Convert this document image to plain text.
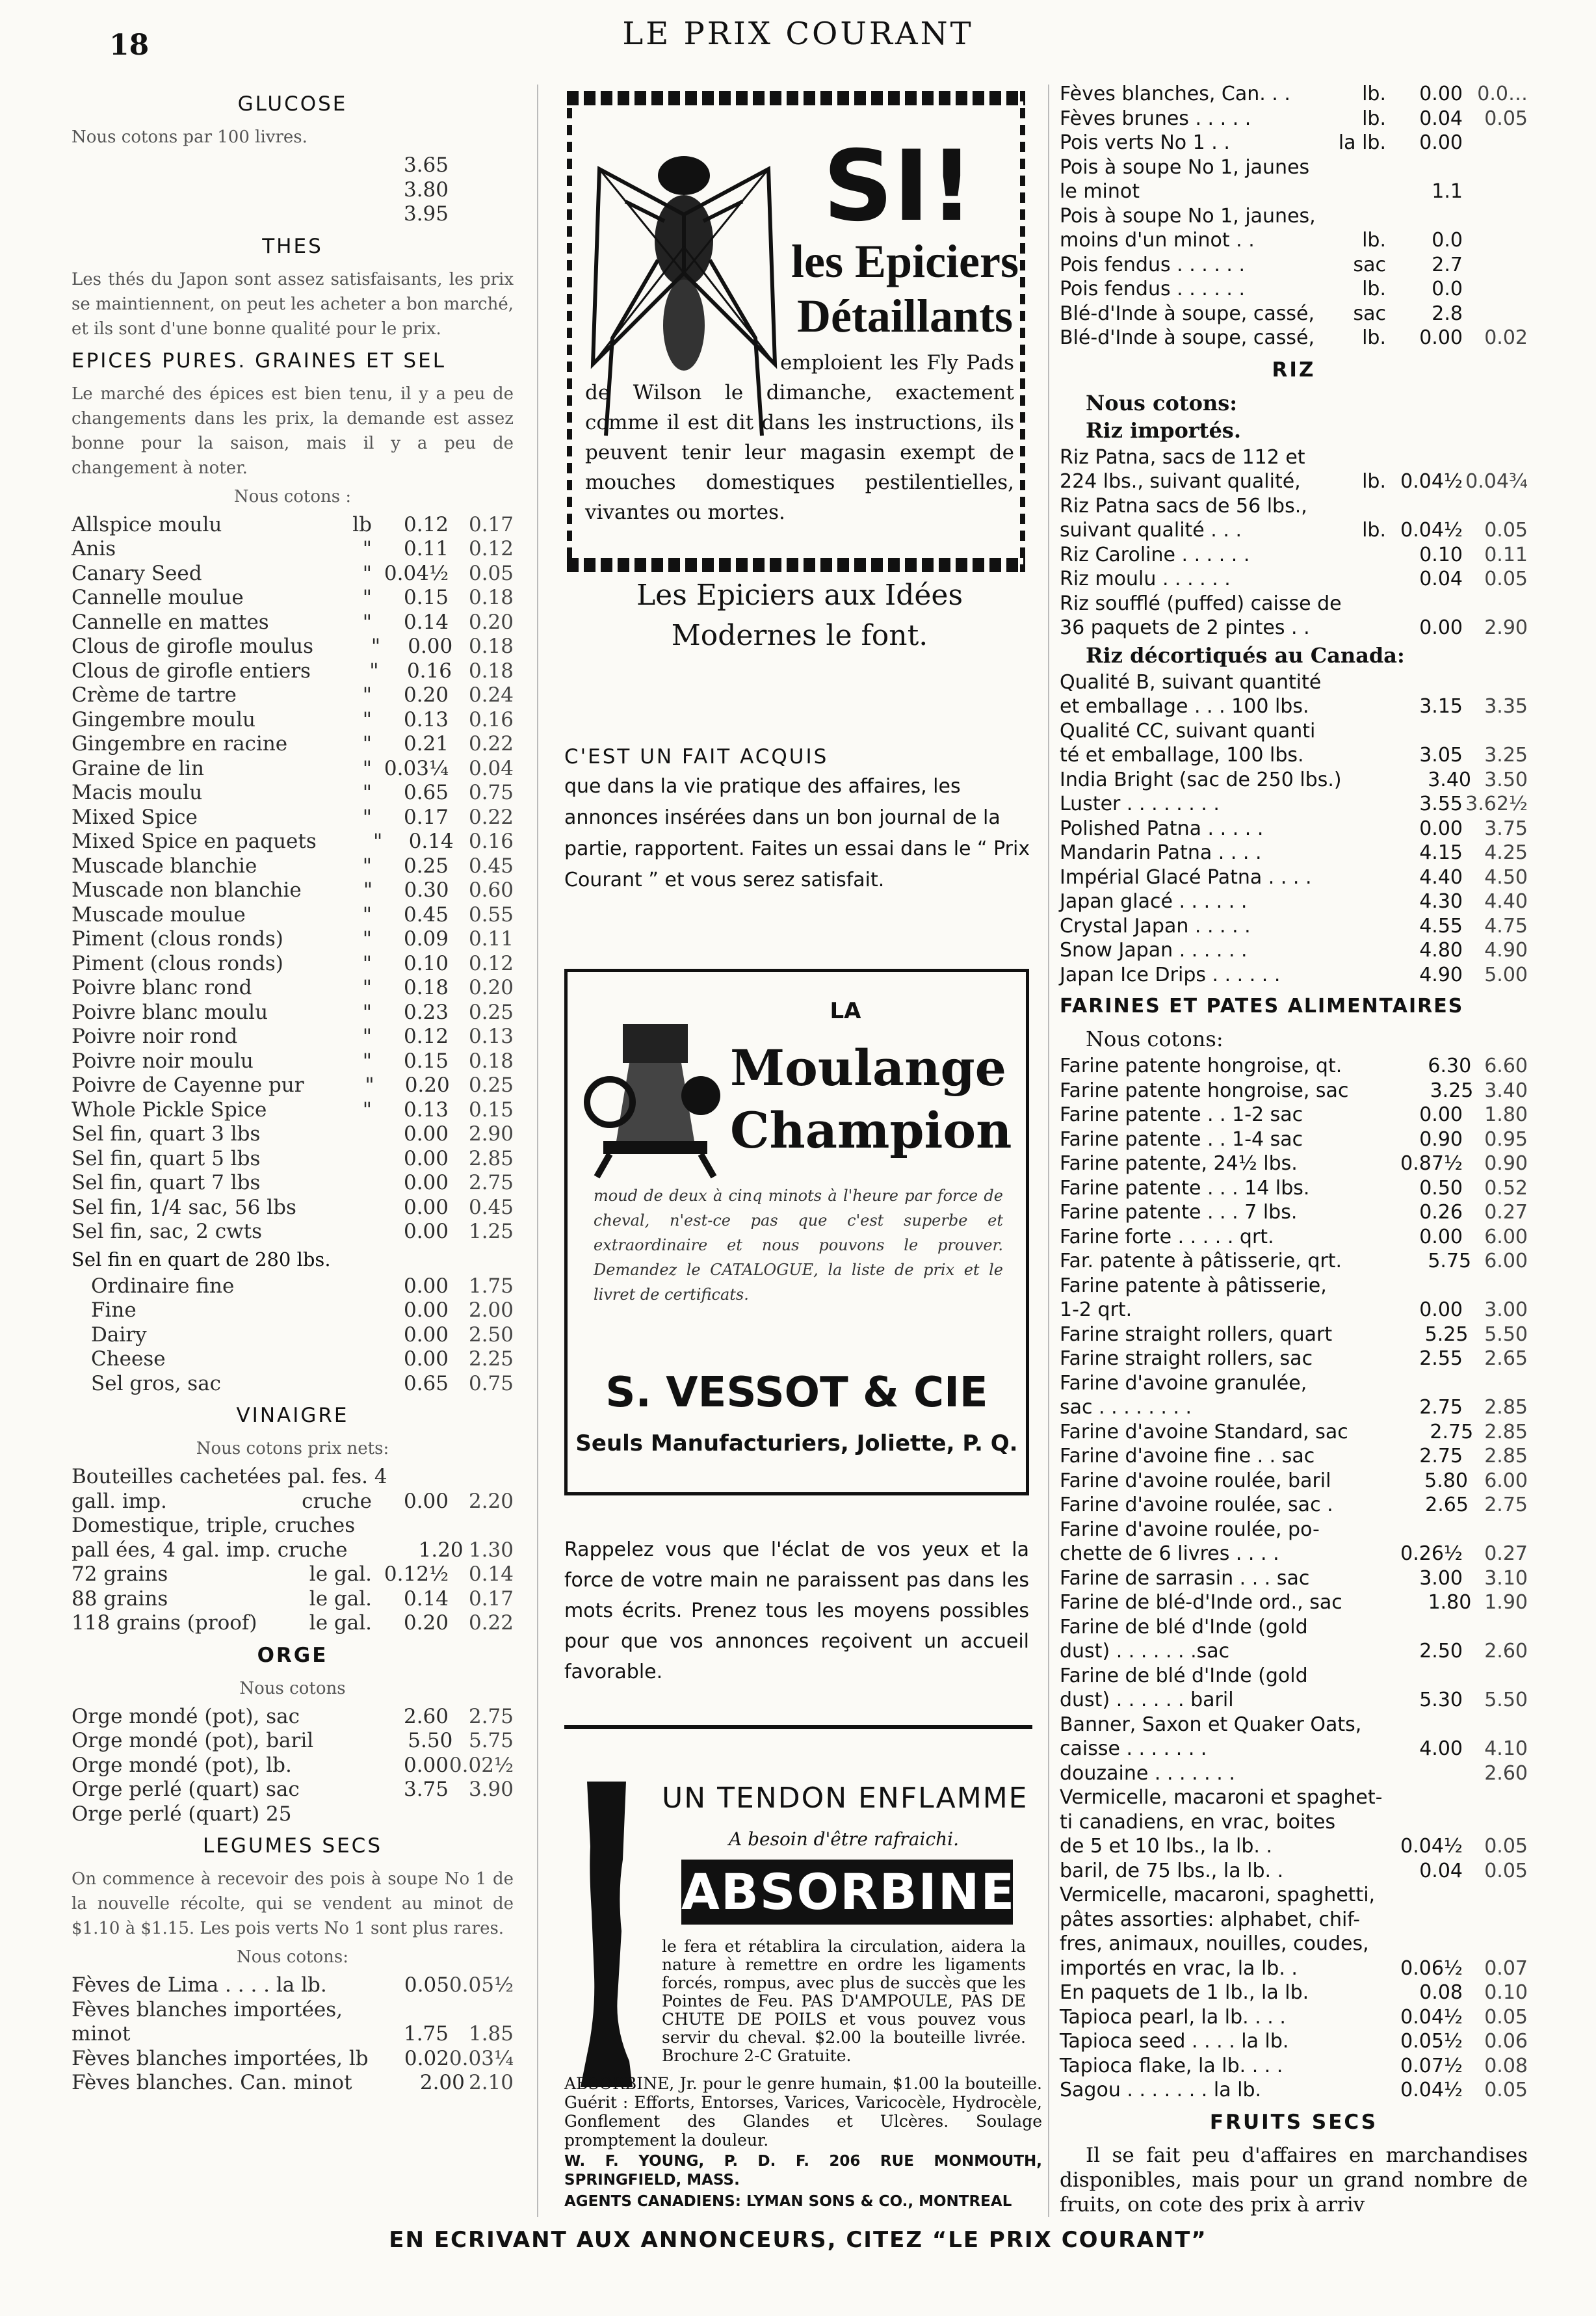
18	LE PRIX COURANT
GLUCOSE
Nous cotons par 100 livres.
3.65
3.80
3.95
THES
Les thés du Japon sont assez satisfaisants, les prix se maintiennent, on peut les acheter a bon marché, et ils sont d'une bonne qualité pour le prix.
EPICES PURES. GRAINES ET SEL
Le marché des épices est bien tenu, il y a peu de changements dans les prix, la demande est assez bonne pour la saison, mais il y a peu de changement à noter.
Nous cotons :
Allspice moulu	lb	0.12 0.17
Anis	"	0.11 0.12
Canary Seed	" 0.04½ 0.05
Cannelle moulue	"	0.15 0.18
Cannelle en mattes	"	0.14 0.20
Clous de girofle moulus	"	0.00 0.18
Clous de girofle entiers	"	0.16 0.18
Crème de tartre	"	0.20 0.24
Gingembre moulu	"	0.13 0.16
Gingembre en racine	"	0.21 0.22
Graine de lin	" 0.03¼ 0.04
Macis moulu	"	0.65 0.75
Mixed Spice	"	0.17 0.22
Mixed Spice en paquets	"	0.14 0.16
Muscade blanchie	"	0.25 0.45
Muscade non blanchie	"	0.30 0.60
Muscade moulue	"	0.45 0.55
Piment (clous ronds)	"	0.09 0.11
Piment (clous ronds)	"	0.10 0.12
Poivre blanc rond	"	0.18 0.20
Poivre blanc moulu	"	0.23 0.25
Poivre noir rond	"	0.12 0.13
Poivre noir moulu	"	0.15 0.18
Poivre de Cayenne pur	"	0.20 0.25
Whole Pickle Spice	"	0.13 0.15
Sel fin, quart 3 lbs	0.00 2.90
Sel fin, quart 5 lbs	0.00 2.85
Sel fin, quart 7 lbs	0.00 2.75
Sel fin, 1/4 sac, 56 lbs	0.00 0.45
Sel fin, sac, 2 cwts	0.00 1.25
Sel fin en quart de 280 lbs.
Ordinaire fine	0.00 1.75
Fine	0.00 2.00
Dairy	0.00 2.50
Cheese	0.00 2.25
Sel gros, sac	0.65 0.75
VINAIGRE
Nous cotons prix nets:
Bouteilles cachetées pal. fes. 4
gall. imp.	cruche	0.00 2.20
Domestique, triple, cruches
pall ées, 4 gal. imp. cruche	1.20 1.30
72 grains	le gal. 0.12½ 0.14
88 grains	le gal.	0.14 0.17
118 grains (proof)	le gal.	0.20 0.22
ORGE
Nous cotons
Orge mondé (pot), sac	2.60 2.75
Orge mondé (pot), baril	5.50 5.75
Orge mondé (pot), lb.	0.00 0.02½
Orge perlé (quart) sac	3.75 3.90
Orge perlé (quart) 25
LEGUMES SECS
On commence à recevoir des pois à soupe No 1 de la nouvelle récolte, qui se vendent au minot de $1.10 à $1.15. Les pois verts No 1 sont plus rares.
Nous cotons:
Fèves de Lima . . . . la lb.	0.05 0.05½
Fèves blanches importées,
minot	1.75 1.85
Fèves blanches importées, lb 0.02 0.03¼
Fèves blanches. Can. minot	2.00 2.10
SI!
les Epiciers
Détaillants
emploient les Fly Pads de Wilson le dimanche, exactement comme il est dit dans les instructions, ils peuvent tenir leur magasin exempt de mouches domestiques pestilentielles, vivantes ou mortes.
Les Epiciers aux Idées Modernes le font.
C'EST UN FAIT ACQUIS

que dans la vie pratique des affaires, les annonces insérées dans un bon journal de la partie, rapportent. Faites un essai dans le “ Prix Courant ” et vous serez satisfait.

LA
Moulange
Champion
moud de deux à cinq minots à l'heure par force de cheval, n'est-ce pas que c'est superbe et extraordinaire et nous pouvons le prouver. Demandez le CATALOGUE, la liste de prix et le livret de certificats.
S. VESSOT & CIE
Seuls Manufacturiers, Joliette, P. Q.
Rappelez vous que l'éclat de vos yeux et la force de votre main ne paraissent pas dans les mots écrits. Prenez tous les moyens possibles pour que vos annonces reçoivent un accueil favorable.
UN TENDON ENFLAMME
A besoin d'être rafraichi.
ABSORBINE
le fera et rétablira la circulation, aidera la nature à remettre en ordre les ligaments forcés, rompus, avec plus de succès que les Pointes de Feu. PAS D'AMPOULE, PAS DE CHUTE DE POILS et vous pouvez vous servir du cheval. $2.00 la bouteille livrée. Brochure 2-C Gratuite.
ABSORBINE, Jr. pour le genre humain, $1.00 la bouteille. Guérit : Efforts, Entorses, Varices, Varicocèle, Hydrocèle, Gonflement des Glandes et Ulcères. Soulage promptement la douleur.
W. F. YOUNG, P. D. F. 206 RUE MONMOUTH, SPRINGFIELD, MASS.
AGENTS CANADIENS: LYMAN SONS & CO., MONTREAL
Fèves blanches, Can. . .	lb.	0.00 0.0…
Fèves brunes . . . . .	lb.	0.04	0.05
Pois verts No 1 . .	la lb.	0.00
Pois à soupe No 1, jaunes
le minot	1.1
Pois à soupe No 1, jaunes,
moins d'un minot . .	lb.	0.0
Pois fendus . . . . . .	sac	2.7
Pois fendus . . . . . .	lb.	0.0
Blé-d'Inde à soupe, cassé,	sac	2.8
Blé-d'Inde à soupe, cassé,	lb.	0.00	0.02
RIZ
Nous cotons:
Riz importés.
Riz Patna, sacs de 112 et
224 lbs., suivant qualité,	lb. 0.04½ 0.04¾
Riz Patna sacs de 56 lbs.,
suivant qualité . . .	lb. 0.04½	0.05
Riz Caroline . . . . . .	0.10	0.11
Riz moulu . . . . . .	0.04	0.05
Riz soufflé (puffed) caisse de
36 paquets de 2 pintes . .	0.00	2.90
Riz décortiqués au Canada:
Qualité B, suivant quantité
et emballage . . . 100 lbs.	3.15	3.35
Qualité CC, suivant quanti
té et emballage, 100 lbs.	3.05	3.25
India Bright (sac de 250 lbs.)	3.40 3.50
Luster . . . . . . . .	3.55 3.62½
Polished Patna . . . . .	0.00	3.75
Mandarin Patna . . . .	4.15	4.25
Impérial Glacé Patna . . . .	4.40	4.50
Japan glacé . . . . . .	4.30	4.40
Crystal Japan . . . . .	4.55	4.75
Snow Japan . . . . . .	4.80	4.90
Japan Ice Drips . . . . . .	4.90	5.00
FARINES ET PATES ALIMENTAIRES
Nous cotons:
Farine patente hongroise, qt.	6.30 6.60
Farine patente hongroise, sac	3.25 3.40
Farine patente . . 1-2 sac	0.00	1.80
Farine patente . . 1-4 sac	0.90	0.95
Farine patente, 24½ lbs.	0.87½	0.90
Farine patente . . . 14 lbs.	0.50	0.52
Farine patente . . . 7 lbs.	0.26	0.27
Farine forte . . . . . qrt.	0.00	6.00
Far. patente à pâtisserie, qrt.	5.75 6.00
Farine patente à pâtisserie,
1-2 qrt.	0.00	3.00
Farine straight rollers, quart	5.25 5.50
Farine straight rollers, sac	2.55	2.65
Farine d'avoine granulée,
sac . . . . . . . .	2.75	2.85
Farine d'avoine Standard, sac	2.75 2.85
Farine d'avoine fine . . sac	2.75	2.85
Farine d'avoine roulée, baril	5.80 6.00
Farine d'avoine roulée, sac .	2.65 2.75
Farine d'avoine roulée, po-
chette de 6 livres . . . .	0.26½	0.27
Farine de sarrasin . . . sac	3.00	3.10
Farine de blé-d'Inde ord., sac	1.80 1.90
Farine de blé d'Inde (gold
dust) . . . . . . .sac	2.50	2.60
Farine de blé d'Inde (gold
dust) . . . . . . baril	5.30	5.50
Banner, Saxon et Quaker Oats,
caisse . . . . . . .	4.00	4.10
douzaine . . . . . . .	2.60
Vermicelle, macaroni et spaghet-
ti canadiens, en vrac, boites
de 5 et 10 lbs., la lb. .	0.04½	0.05
baril, de 75 lbs., la lb. .	0.04	0.05
Vermicelle, macaroni, spaghetti,
pâtes assorties: alphabet, chif-
fres, animaux, nouilles, coudes,
importés en vrac, la lb. .	0.06½	0.07
En paquets de 1 lb., la lb.	0.08	0.10
Tapioca pearl, la lb. . . .	0.04½	0.05
Tapioca seed . . . . la lb.	0.05½	0.06
Tapioca flake, la lb. . . .	0.07½	0.08
Sagou . . . . . . . la lb.	0.04½	0.05
FRUITS SECS
Il se fait peu d'affaires en marchandises disponibles, mais pour un grand nombre de fruits, on cote des prix à arriv
EN ECRIVANT AUX ANNONCEURS, CITEZ “LE PRIX COURANT”
